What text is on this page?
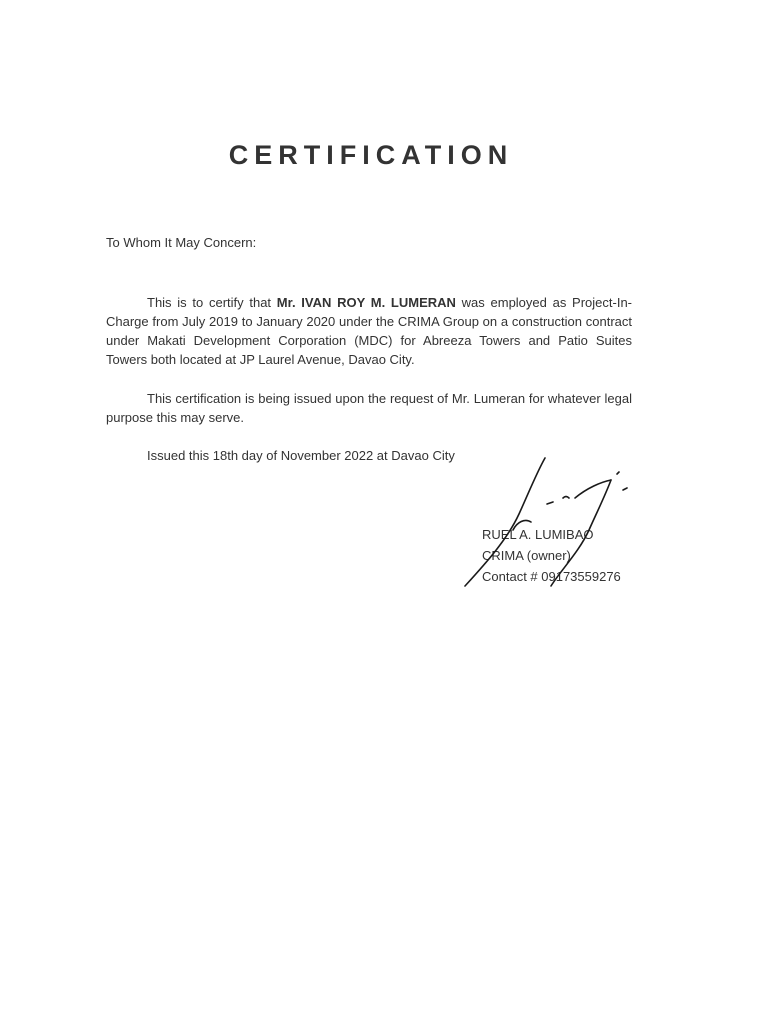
CERTIFICATION
To Whom It May Concern:

This is to certify that Mr. IVAN ROY M. LUMERAN was employed as Project-In-Charge from July 2019 to January 2020 under the CRIMA Group on a construction contract under Makati Development Corporation (MDC) for Abreeza Towers and Patio Suites Towers both located at JP Laurel Avenue, Davao City.

This certification is being issued upon the request of Mr. Lumeran for whatever legal purpose this may serve.

Issued this 18th day of November 2022 at Davao City

RUEL A. LUMIBAO
CRIMA (owner)
Contact # 09173559276
